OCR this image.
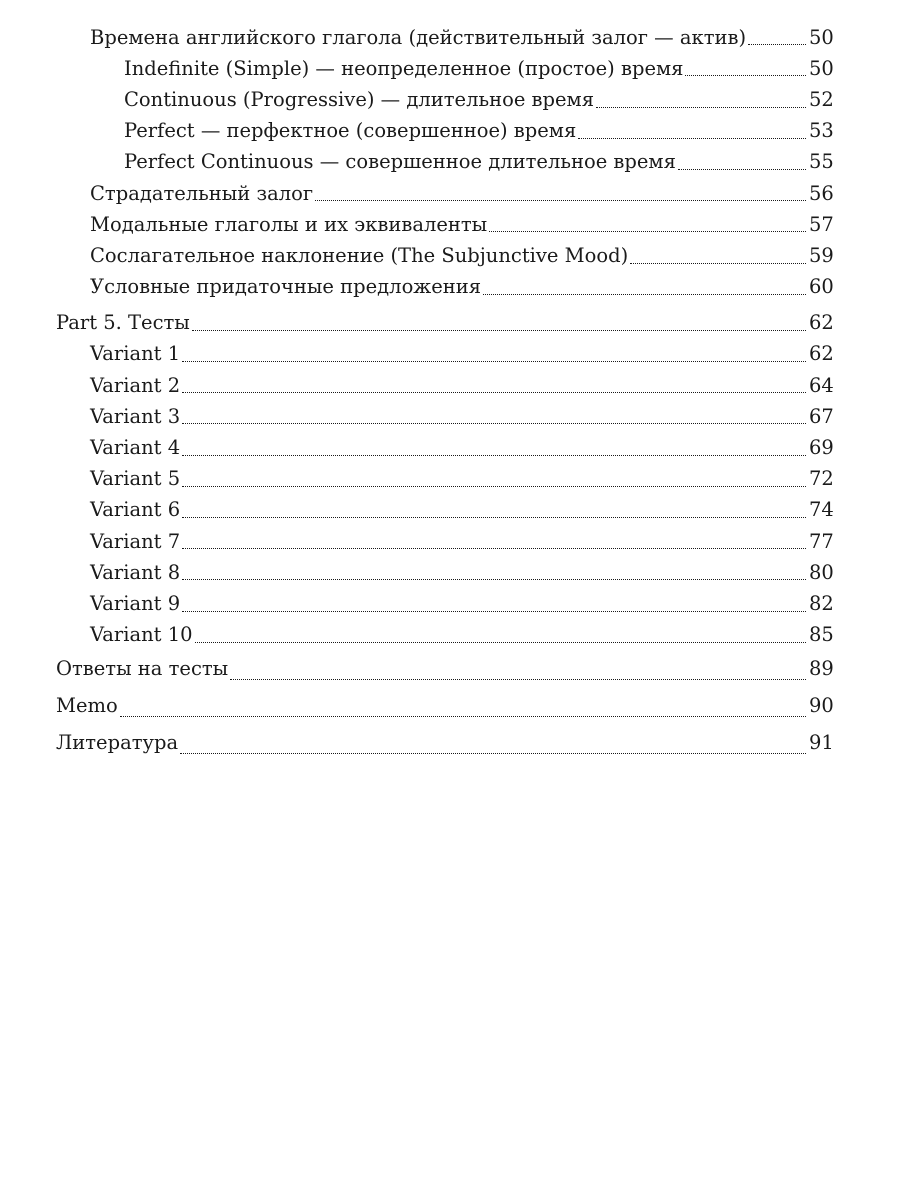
Времена английского глагола (действительный залог — актив)	50
Indefinite (Simple) — неопределенное (простое) время	50
Continuous (Progressive) — длительное время	52
Perfect — перфектное (совершенное) время	53
Perfect Continuous — совершенное длительное время	55
Страдательный залог	56
Модальные глаголы и их эквиваленты	57
Сослагательное наклонение (The Subjunctive Mood)	59
Условные придаточные предложения	60
Part 5. Тесты	62
Variant 1	62
Variant 2	64
Variant 3	67
Variant 4	69
Variant 5	72
Variant 6	74
Variant 7	77
Variant 8	80
Variant 9	82
Variant 10	85
Ответы на тесты	89
Memo	90
Литература	91
